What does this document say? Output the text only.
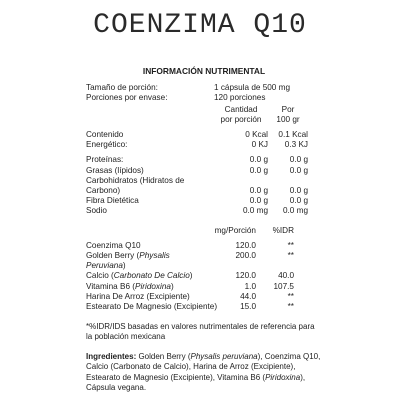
COENZIMA Q10
INFORMACIÓN NUTRIMENTAL
Tamaño de porción:	1 cápsula de 500 mg
Porciones por envase:	120 porciones
Cantidad
por porción
Por
100 gr
Contenido	0 Kcal	0.1 Kcal
Energético:	0 KJ	0.3 KJ
Proteínas:	0.0 g	0.0 g
Grasas (lípidos)	0.0 g	0.0 g
Carbohidratos (Hidratos de
Carbono)	0.0 g	0.0 g
Fibra Dietética	0.0 g	0.0 g
Sodio	0.0 mg	0.0 mg
mg/Porción	%IDR
Coenzima Q10	120.0	**
Golden Berry (Physalis
Peruviana)
200.0	**
Calcio (Carbonato De Calcio)	120.0	40.0
Vitamina B6 (Piridoxina)	1.0	107.5
Harina De Arroz (Excipiente)	44.0	**
Estearato De Magnesio (Excipiente)	15.0	**
*%IDR/IDS basadas en valores nutrimentales de referencia para la población mexicana
Ingredientes: Golden Berry (Physalis peruviana), Coenzima Q10, Calcio (Carbonato de Calcio), Harina de Arroz (Excipiente), Estearato de Magnesio (Excipiente), Vitamina B6 (Piridoxina), Cápsula vegana.
